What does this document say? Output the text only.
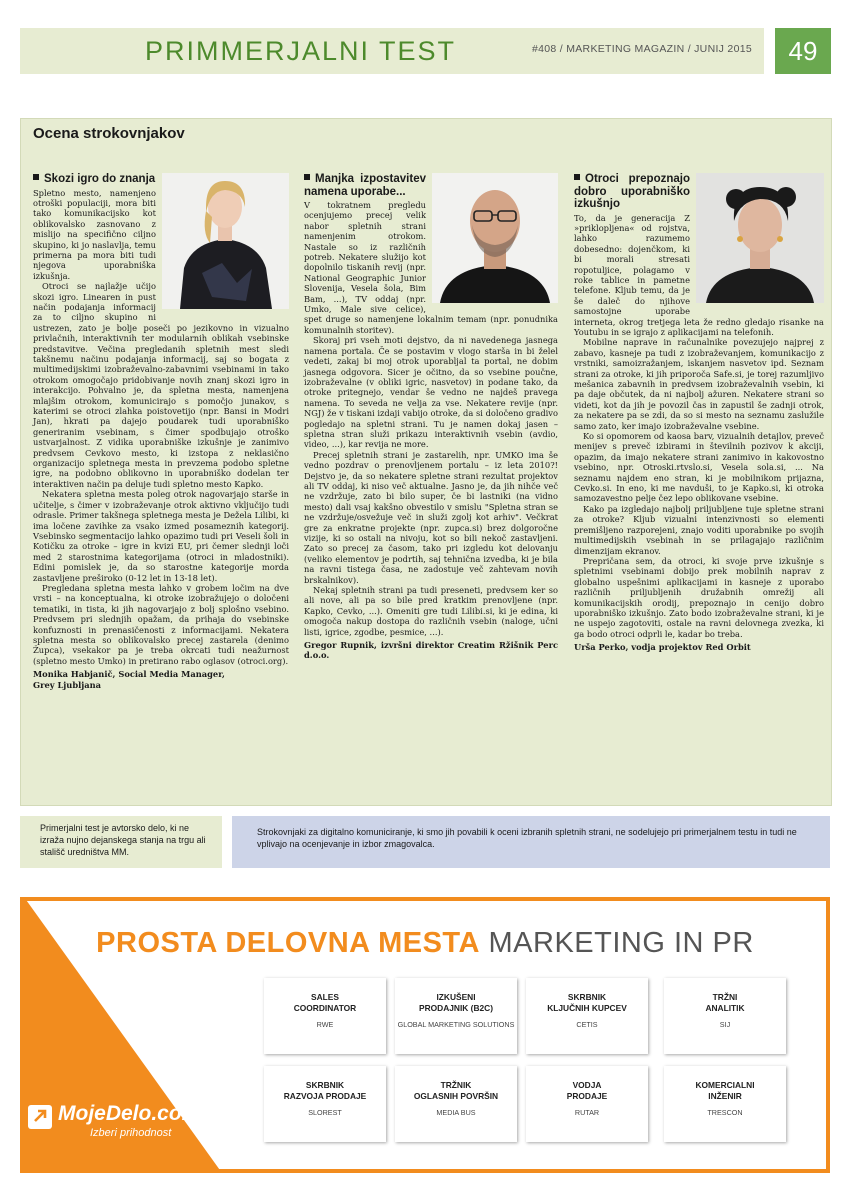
PRIMMERJALNI TEST	#408 / MARKETING MAGAZIN / JUNIJ 2015	49
Ocena strokovnjakov
Skozi igro do znanja

Spletno mesto, namenjeno otroški populaciji, mora biti tako komunikacijsko kot oblikovalsko zasnovano z mislijo na specifično ciljno skupino, ki jo naslavlja, temu primerna pa mora biti tudi njegova uporabniška izkušnja.

Otroci se najlažje učijo skozi igro. Linearen in pust način podajanja informacij za to ciljno skupino ni ustrezen, zato je bolje poseči po jezikovno in vizualno privlačnih, interaktivnih ter modularnih oblikah vsebinske predstavitve. Večina pregledanih spletnih mest sledi takšnemu načinu podajanja informacij, saj so bogata z multimedijskimi izobraževalno-zabavnimi vsebinami in tako otrokom omogočajo pridobivanje novih znanj skozi igro in interakcijo. Pohvalno je, da spletna mesta, namenjena mlajšim otrokom, komunicirajo s pomočjo junakov, s katerimi se otroci zlahka poistovetijo (npr. Bansi in Modri Jan), hkrati pa dajejo poudarek tudi uporabniško generiranim vsebinam, s čimer spodbujajo otroško ustvarjalnost. Z vidika uporabniške izkušnje je zanimivo predvsem Cevkovo mesto, ki izstopa z neklasično organizacijo spletnega mesta in prevzema podobo spletne igre, na podobno oblikovno in uporabniško dodelan ter interaktiven način pa deluje tudi spletno mesto Kapko.

Nekatera spletna mesta poleg otrok nagovarjajo starše in učitelje, s čimer v izobraževanje otrok aktivno vključijo tudi odrasle. Primer takšnega spletnega mesta je Dežela Lilibi, ki ima ločene zavihke za vsako izmed posameznih kategorij. Vsebinsko segmentacijo lahko opazimo tudi pri Veseli šoli in Kotičku za otroke – igre in kvizi EU, pri čemer slednji loči med 2 starostnima kategorijama (otroci in mladostniki). Edini pomislek je, da so starostne kategorije morda zastavljene preširoko (0-12 let in 13-18 let).

Pregledana spletna mesta lahko v grobem ločim na dve vrsti – na konceptualna, ki otroke izobražujejo o določeni tematiki, in tista, ki jih nagovarjajo z bolj splošno vsebino. Predvsem pri slednjih opažam, da prihaja do vsebinske konfuznosti in prenasičenosti z informacijami. Nekatera spletna mesta so oblikovalsko precej zastarela (denimo Župca), vsekakor pa je treba okrcati tudi neažurnost (spletno mesto Umko) in pretirano rabo oglasov (otroci.org).

Monika Habjanič, Social Media Manager,

Grey Ljubljana

Manjka izpostavitev namena uporabe...

V tokratnem pregledu ocenjujemo precej velik nabor spletnih strani namenjenim otrokom. Nastale so iz različnih potreb. Nekatere služijo kot dopolnilo tiskanih revij (npr. National Geographic Junior Slovenija, Vesela šola, Bim Bam, ...), TV oddaj (npr. Umko, Male sive celice), spet druge so namenjene lokalnim temam (npr. ponudnika komunalnih storitev).

Skoraj pri vseh moti dejstvo, da ni navedenega jasnega namena portala. Če se postavim v vlogo starša in bi želel vedeti, zakaj bi moj otrok uporabljal ta portal, ne dobim jasnega odgovora. Sicer je očitno, da so vsebine poučne, izobraževalne (v obliki igric, nasvetov) in podane tako, da otroke pritegnejo, vendar še vedno ne najdeš pravega namena. To seveda ne velja za vse. Nekatere revije (npr. NGJ) že v tiskani izdaji vabijo otroke, da si določeno gradivo pogledajo na spletni strani. Tu je namen dokaj jasen – spletna stran služi prikazu interaktivnih vsebin (avdio, video, ...), kar revija ne more.

Precej spletnih strani je zastarelih, npr. UMKO ima še vedno pozdrav o prenovljenem portalu – iz leta 2010?! Dejstvo je, da so nekatere spletne strani rezultat projektov ali TV oddaj, ki niso več aktualne. Jasno je, da jih nihče več ne vzdržuje, zato bi bilo super, če bi lastniki (na vidno mesto) dali vsaj kakšno obvestilo v smislu "Spletna stran se ne vzdržuje/osvežuje več in služi zgolj kot arhiv". Večkrat gre za enkratne projekte (npr. zupca.si) brez dolgoročne vizije, ki so ostali na nivoju, kot so bili nekoč zastavljeni. Zato so precej za časom, tako pri izgledu kot delovanju (veliko elementov je podrtih, saj tehnična izvedba, ki je bila na ravni tistega časa, ne zadostuje več zahtevam novih brskalnikov).

Nekaj spletnih strani pa tudi preseneti, predvsem ker so ali nove, ali pa so bile pred kratkim prenovljene (npr. Kapko, Cevko, ...). Omeniti gre tudi Lilibi.si, ki je edina, ki omogoča nakup dostopa do različnih vsebin (naloge, učni listi, igrice, zgodbe, pesmice, ...).

Gregor Rupnik, izvršni direktor Creatim Ržišnik Perc d.o.o.

Otroci prepoznajo dobro uporabniško izkušnjo

To, da je generacija Z »priklopljena« od rojstva, lahko razumemo dobesedno: dojenčkom, ki bi morali stresati ropotuljice, polagamo v roke tablice in pametne telefone. Kljub temu, da je še daleč do njihove samostojne uporabe interneta, okrog tretjega leta že redno gledajo risanke na Youtubu in se igrajo z aplikacijami na telefonih.

Mobilne naprave in računalnike povezujejo najprej z zabavo, kasneje pa tudi z izobraževanjem, komunikacijo z vrstniki, samoizražanjem, iskanjem nasvetov ipd. Seznam strani za otroke, ki jih priporoča Safe.si, je torej razumljivo mešanica zabavnih in predvsem izobraževalnih vsebin, ki pa daje občutek, da ni najbolj ažuren. Nekatere strani so videti, kot da jih je povozil čas in zapustil še zadnji otrok, za nekatere pa se zdi, da so si mesto na seznamu zaslužile samo zato, ker imajo izobraževalne vsebine.

Ko si opomorem od kaosa barv, vizualnih detajlov, preveč menijev s preveč izbirami in številnih pozivov k akciji, opazim, da imajo nekatere strani zanimivo in kakovostno vsebino, npr. Otroski.rtvslo.si, Vesela sola.si, ... Na seznamu najdem eno stran, ki je mobilnikom prijazna, Cevko.si. In eno, ki me navduši, to je Kapko.si, ki otroka samozavestno pelje čez lepo oblikovane vsebine.

Kako pa izgledajo najbolj priljubljene tuje spletne strani za otroke? Kljub vizualni intenzivnosti so elementi premišljeno razporejeni, znajo voditi uporabnike po svojih multimedijskih vsebinah in se prilagajajo različnim dimenzijam ekranov.

Prepričana sem, da otroci, ki svoje prve izkušnje s spletnimi vsebinami dobijo prek mobilnih naprav z globalno uspešnimi aplikacijami in kasneje z uporabo različnih priljubljenih družabnih omrežij ali komunikacijskih orodij, prepoznajo in cenijo dobro uporabniško izkušnjo. Zato bodo izobraževalne strani, ki je ne uspejo zagotoviti, ostale na ravni delovnega zvezka, ki ga bodo otroci odprli le, kadar bo treba.

Urša Perko, vodja projektov Red Orbit

Primerjalni test je avtorsko delo, ki ne izraža nujno dejanskega stanja na trgu ali stališč uredništva MM.
Strokovnjaki za digitalno komuniciranje, ki smo jih povabili k oceni izbranih spletnih strani, ne sodelujejo pri primerjalnem testu in tudi ne vplivajo na ocenjevanje in izbor zmagovalca.
PROSTA DELOVNA MESTA MARKETING IN PR
SALES
COORDINATOR
RWE
IZKUŠENI
PRODAJNIK (B2C)
GLOBAL MARKETING SOLUTIONS
SKRBNIK
KLJUČNIH KUPCEV
CETIS
TRŽNI
ANALITIK
SIJ
SKRBNIK
RAZVOJA PRODAJE
SLOREST
TRŽNIK
OGLASNIH POVRŠIN
MEDIA BUS
VODJA
PRODAJE
RUTAR
KOMERCIALNI
INŽENIR
TRESCON
MojeDelo.com
Izberi prihodnost
